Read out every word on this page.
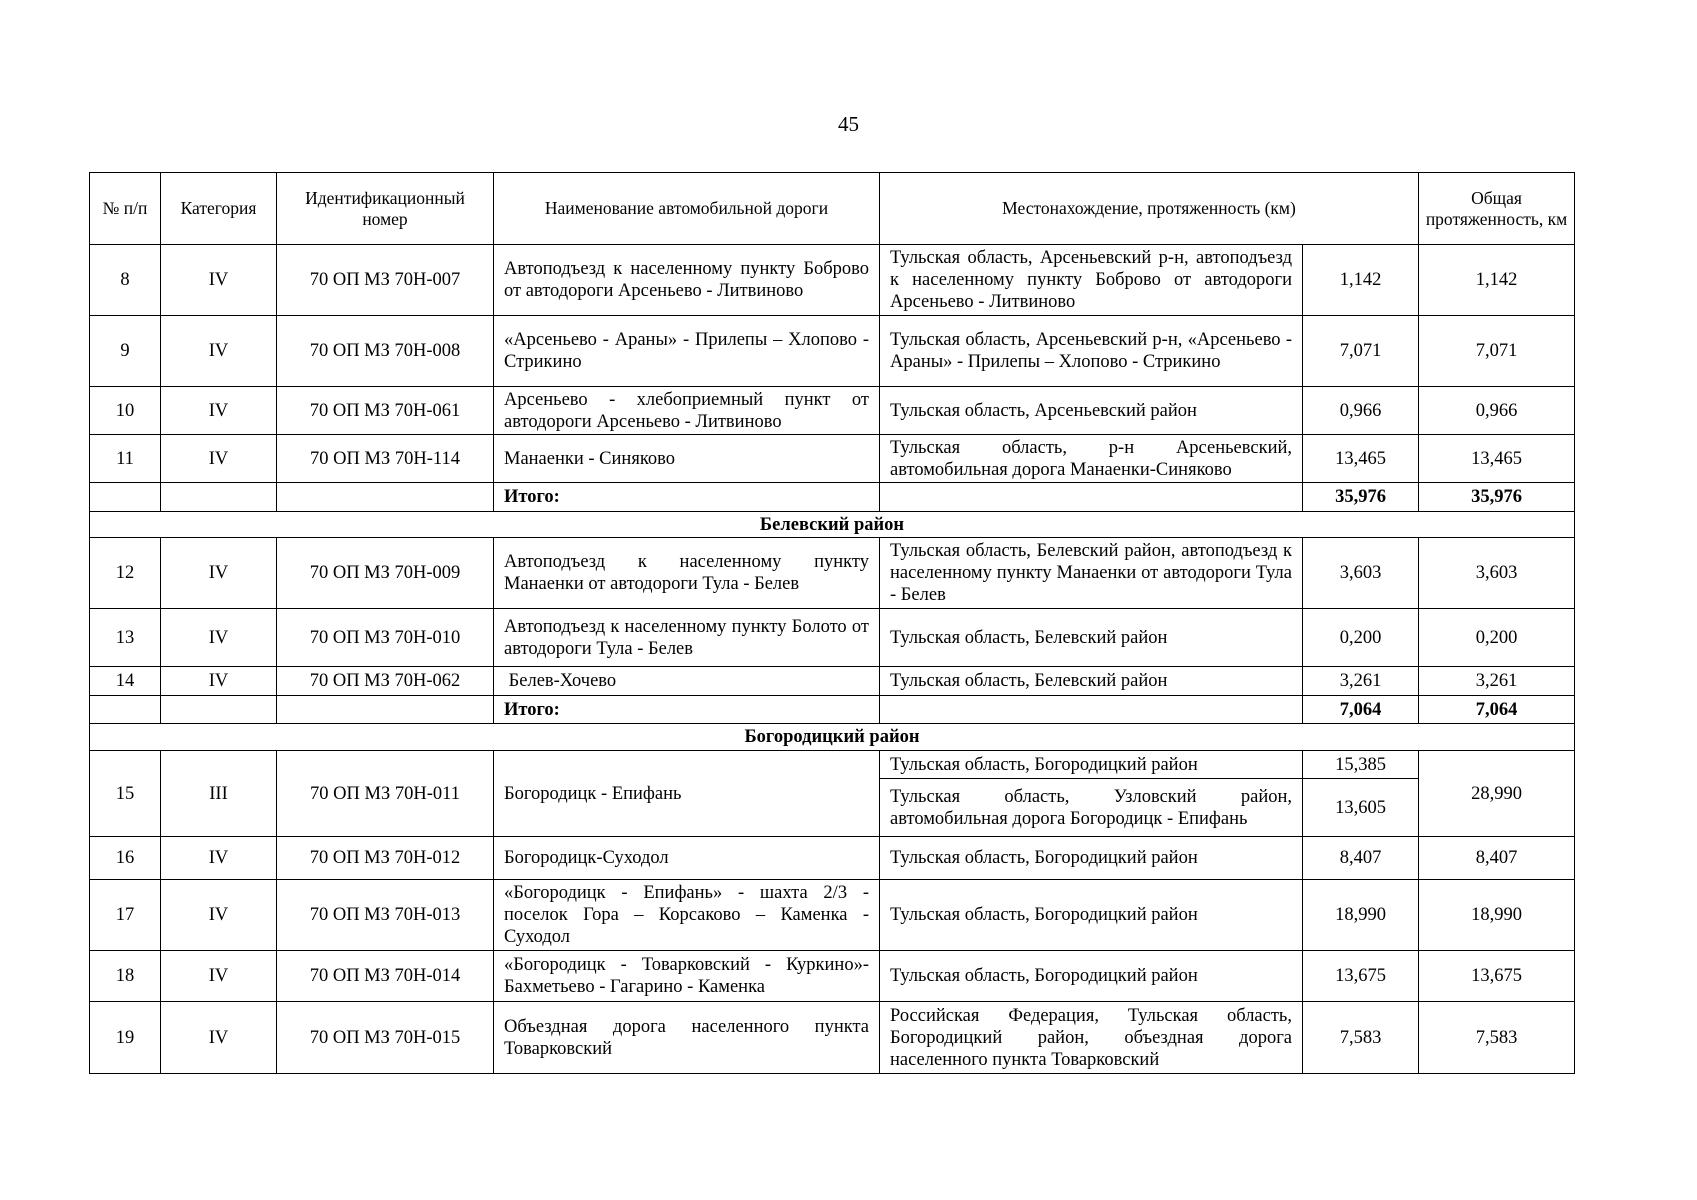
45
№ п/п	Категория	Идентификационный номер	Наименование автомобильной дороги	Местонахождение, протяженность (км)		Общая протяженность, км
8	IV	70 ОП МЗ 70Н-007	Автоподъезд к населенному пункту Боброво от автодороги Арсеньево - Литвиново	Тульская область, Арсеньевский р-н, автоподъезд к населенному пункту Боброво от автодороги Арсеньево - Литвиново	1,142	1,142
9	IV	70 ОП МЗ 70Н-008	«Арсеньево - Араны» - Прилепы – Хлопово - Стрикино	Тульская область, Арсеньевский р-н, «Арсеньево - Араны» - Прилепы – Хлопово - Стрикино	7,071	7,071
10	IV	70 ОП МЗ 70Н-061	Арсеньево - хлебоприемный пункт от автодороги Арсеньево - Литвиново	Тульская область, Арсеньевский район	0,966	0,966
11	IV	70 ОП МЗ 70Н-114	Манаенки - Синяково	Тульская область, р-н Арсеньевский, автомобильная дорога Манаенки-Синяково	13,465	13,465
			Итого:		35,976	35,976
Белевский район						
12	IV	70 ОП МЗ 70Н-009	Автоподъезд к населенному пункту Манаенки от автодороги Тула - Белев	Тульская область, Белевский район, автоподъезд к населенному пункту Манаенки от автодороги Тула - Белев	3,603	3,603
13	IV	70 ОП МЗ 70Н-010	Автоподъезд к населенному пункту Болото от автодороги Тула - Белев	Тульская область, Белевский район	0,200	0,200
14	IV	70 ОП МЗ 70Н-062	Белев-Хочево	Тульская область, Белевский район	3,261	3,261
			Итого:		7,064	7,064
Богородицкий район						
15	III	70 ОП МЗ 70Н-011	Богородицк - Епифань	Тульская область, Богородицкий район	15,385	28,990
				Тульская область, Узловский район, автомобильная дорога Богородицк - Епифань	13,605	
16	IV	70 ОП МЗ 70Н-012	Богородицк-Суходол	Тульская область, Богородицкий район	8,407	8,407
17	IV	70 ОП МЗ 70Н-013	«Богородицк - Епифань» - шахта 2/3 - поселок Гора – Корсаково – Каменка - Суходол	Тульская область, Богородицкий район	18,990	18,990
18	IV	70 ОП МЗ 70Н-014	«Богородицк - Товарковский - Куркино»- Бахметьево - Гагарино - Каменка	Тульская область, Богородицкий район	13,675	13,675
19	IV	70 ОП МЗ 70Н-015	Объездная дорога населенного пункта Товарковский	Российская Федерация, Тульская область, Богородицкий район, объездная дорога населенного пункта Товарковский	7,583	7,583
